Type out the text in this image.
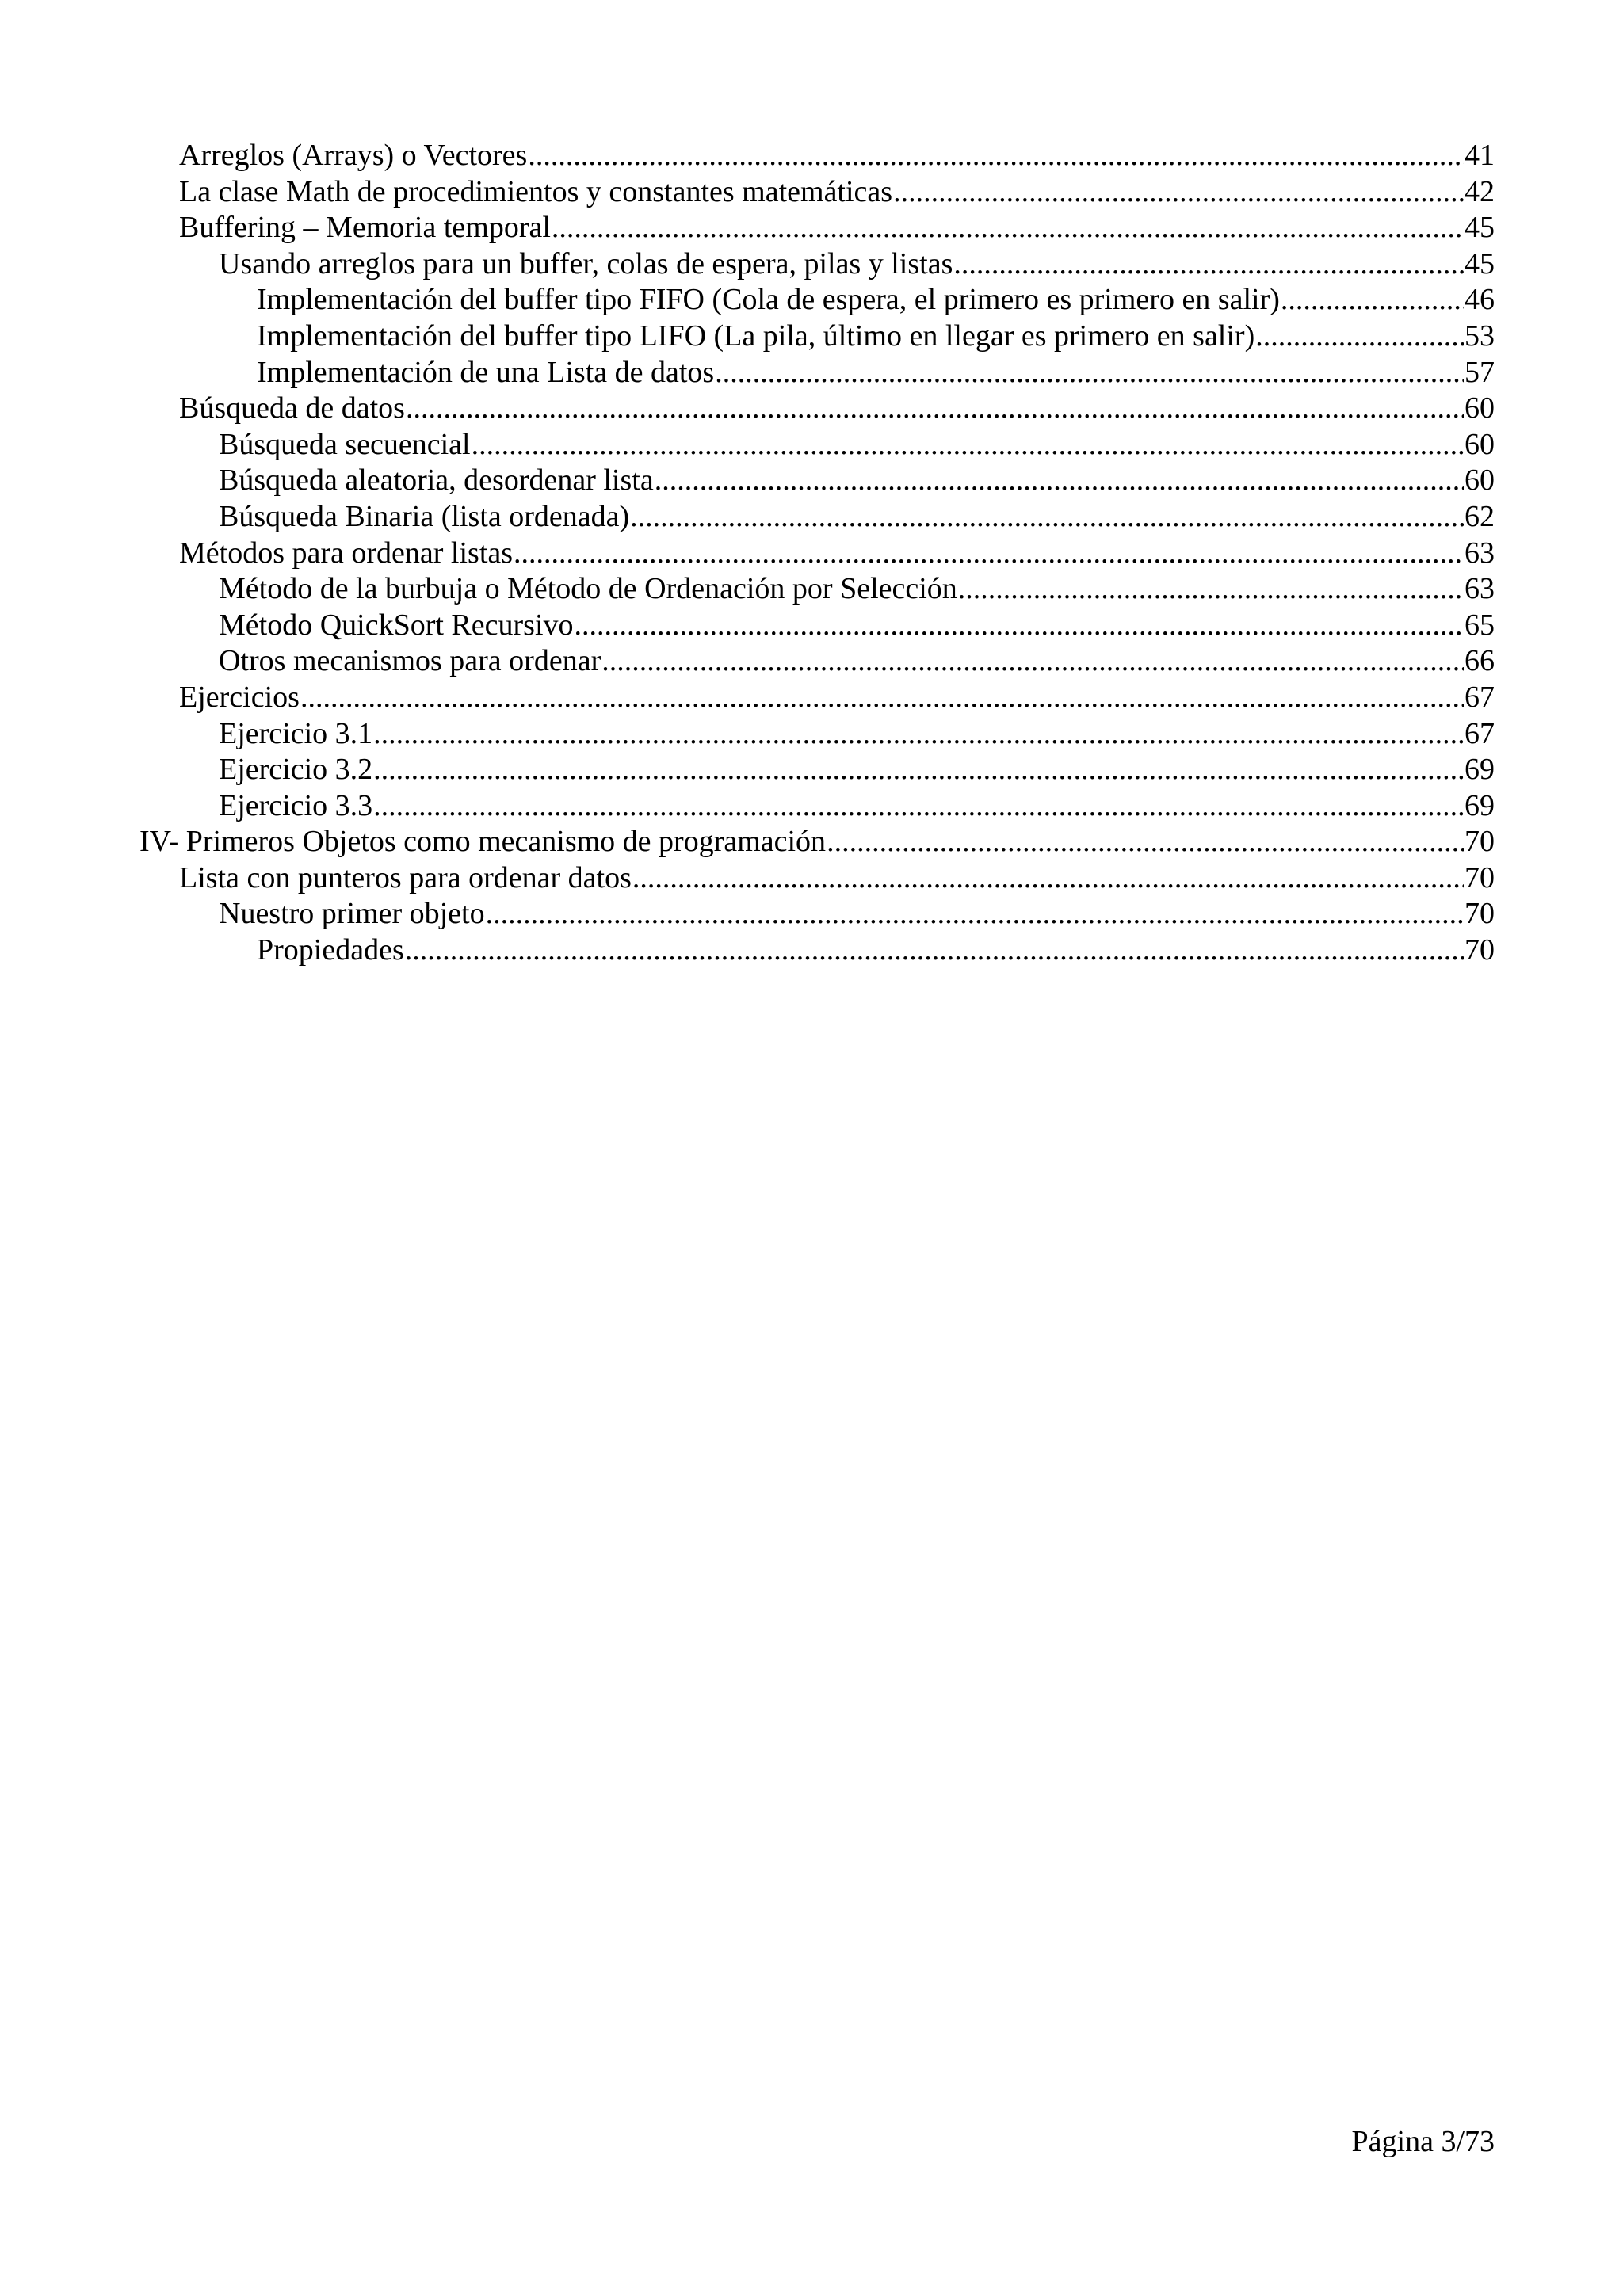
Arreglos (Arrays) o Vectores .....	41
La clase Math de procedimientos y constantes matemáticas .....	42
Buffering – Memoria temporal .....	45
Usando arreglos para un buffer, colas de espera, pilas y listas .....	45
Implementación del buffer tipo FIFO (Cola de espera, el primero es primero en salir) .....	46
Implementación del buffer tipo LIFO (La pila, último en llegar es primero en salir) .....	53
Implementación de una Lista de datos .....	57
Búsqueda de datos .....	60
Búsqueda secuencial .....	60
Búsqueda aleatoria, desordenar lista .....	60
Búsqueda Binaria (lista ordenada) .....	62
Métodos para ordenar listas .....	63
Método de la burbuja o Método de Ordenación por Selección .....	63
Método QuickSort Recursivo .....	65
Otros mecanismos para ordenar .....	66
Ejercicios .....	67
Ejercicio 3.1 .....	67
Ejercicio 3.2 .....	69
Ejercicio 3.3 .....	69
IV- Primeros Objetos como mecanismo de programación .....	70
Lista con punteros para ordenar datos .....	70
Nuestro primer objeto .....	70
Propiedades .....	70
Página 3/73
